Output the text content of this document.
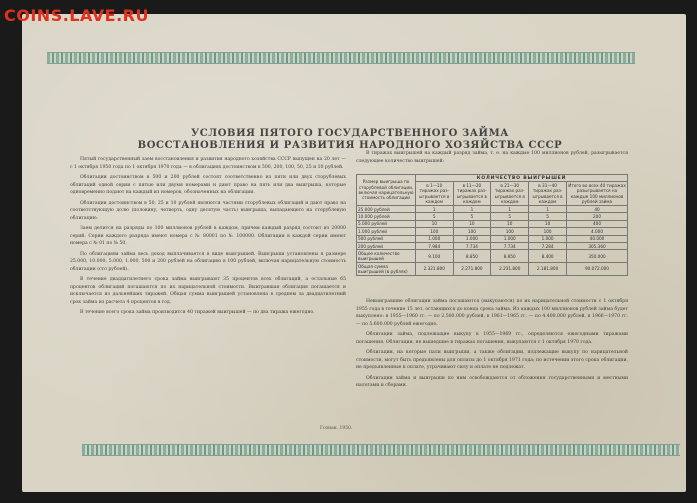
COINS.LAVE.RU
УСЛОВИЯ ПЯТОГО ГОСУДАРСТВЕННОГО ЗАЙМА
ВОССТАНОВЛЕНИЯ И РАЗВИТИЯ НАРОДНОГО ХОЗЯЙСТВА СССР

Пятый государственный заем восстановления и развития народного хозяйства СССР выпущен на 20 лет — с 1 октября 1950 года по 1 октября 1970 года — в облигациях достоинством в 500, 200, 100, 50, 25 и 10 рублей.

Облигации достоинством в 500 и 200 рублей состоят соответственно из пяти или двух сторублевых облигаций одной серии с пятью или двумя номерами и дают право на пять или два выигрыша, которые одновременно подают на каждый из номеров, обозначенных на облигации.

Облигации достоинством в 50, 25 и 10 рублей являются частями сторублевых облигаций и дают право на соответствующую долю (половину, четверть, одну десятую часть) выигрыша, выпадающего на сторублевую облигацию.

Заем делится на разряды по 100 миллионов рублей в каждом, причем каждый разряд состоит из 20000 серий. Серии каждого разряда имеют номера с № 80001 по № 100000. Облигации в каждой серии имеют номера с № 01 по № 50.

По облигациям займа весь доход выплачивается в виде выигрышей. Выигрыши установлены в размере 25.000, 10.000, 5.000, 1.000, 500 и 200 рублей на облигацию в 100 рублей, включая нарицательную стоимость облигации (сто рублей).

В течение двадцатилетнего срока займа выигрывают 35 процентов всех облигаций, а остальные 65 процентов облигаций погашаются по их нарицательной стоимости. Выигравшая облигация погашается и исключается из дальнейших тиражей. Общая сумма выигрышей установлена в среднем за двадцатилетний срок займа из расчета 4 процентов в год.

В течение всего срока займа производится 40 тиражей выигрышей — по два тиража ежегодно.

Гознак. 1950.

В тиражах выигрышей на каждый разряд займа, т. е. на каждые 100 миллионов рублей, разыгрывается следующее количество выигрышей:

Размер выигрыша по сторублевой облигации, включая нарицательную стоимость облигации	КОЛИЧЕСТВО ВЫИГРЫШЕЙ				
	в 1—10 тиражах разыгрывается в каждом	в 11—20 тиражах разыгрывается в каждом	в 21—30 тиражах разыгрывается в каждом	в 31—40 тиражах разыгрывается в каждом	Итого во всех 40 тиражах разыгрывается на каждые 100 миллионов рублей займа
25.000 рублей	1	1	1	1	40
10.000 рублей	5	5	5	5	200
5.000 рублей	10	10	10	10	400
1.000 рублей	100	100	100	100	4.000
500 рублей	1.000	1.000	1.000	1.000	40.000
200 рублей	7.984	7.734	7.734	7.284	305.360
Общее количество выигрышей	9.100	8.850	8.850	8.400	350.000
Общая сумма выигрышей (в рублях)	2.321.800	2.271.800	2.231.800	2.181.800	90.072.000

Невыигравшие облигации займа погашаются (выкупаются) по их нарицательной стоимости с 1 октября 1955 года в течение 15 лет, остающихся до конца срока займа. Из каждых 100 миллионов рублей займа будет выкуплено: в 1955—1960 гг. — по 2.500.000 рублей, в 1961—1965 гг. — по 4.400.000 рублей, в 1966—1970 гг. — по 5.600.000 рублей ежегодно.

Облигации займа, подлежащие выкупу в 1955—1969 гг., определяются ежегодными тиражами погашения. Облигации, не вышедшие в тиражах погашения, выкупаются с 1 октября 1970 года.

Облигации, на которые пали выигрыши, а также облигации, подлежащие выкупу по нарицательной стоимости, могут быть предъявлены для оплаты до 1 октября 1971 года; по истечении этого срока облигации, не предъявленные к оплате, утрачивают силу и оплате не подлежат.

Облигации займа и выигрыши по ним освобождаются от обложения государственными и местными налогами и сборами.
